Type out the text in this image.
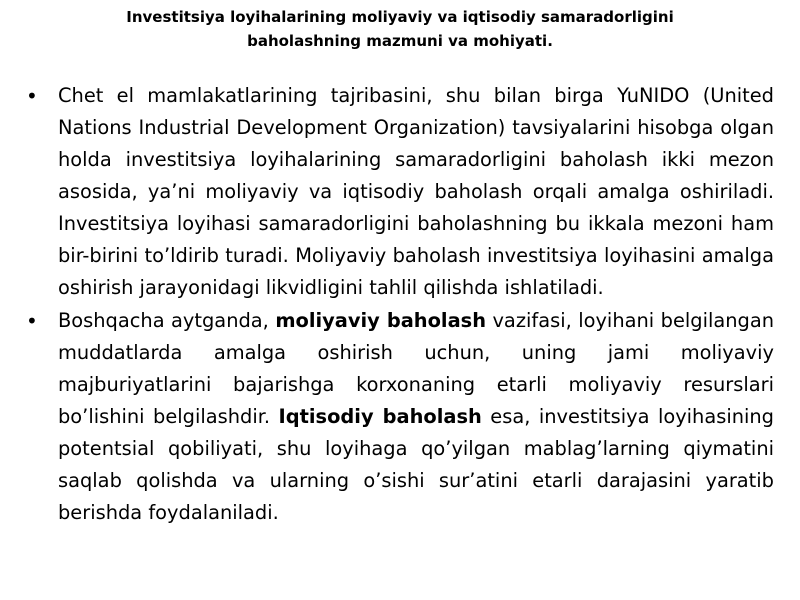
Investitsiya loyihalarining moliyaviy va iqtisodiy samaradorligini
baholashning mazmuni va mohiyati.
• Chet el mamlakatlarining tajribasini, shu bilan birga YuNIDO (United Nations Industrial Development Organization) tavsiyalarini hisobga olgan holda investitsiya loyihalarining samaradorligini baholash ikki mezon asosida, ya’ni moliyaviy va iqtisodiy baholash orqali amalga oshiriladi. Investitsiya loyihasi samaradorligini baholashning bu ikkala mezoni ham bir-birini to’ldirib turadi. Moliyaviy baholash investitsiya loyihasini amalga oshirish jarayonidagi likvidligini tahlil qilishda ishlatiladi.
• Boshqacha aytganda, moliyaviy baholash vazifasi, loyihani belgilangan muddatlarda amalga oshirish uchun, uning jami moliyaviy majburiyatlarini bajarishga korxonaning etarli moliyaviy resurslari bo’lishini belgilashdir. Iqtisodiy baholash esa, investitsiya loyihasining potentsial qobiliyati, shu loyihaga qo’yilgan mablag’larning qiymatini saqlab qolishda va ularning o’sishi sur’atini etarli darajasini yaratib berishda foydalaniladi.
